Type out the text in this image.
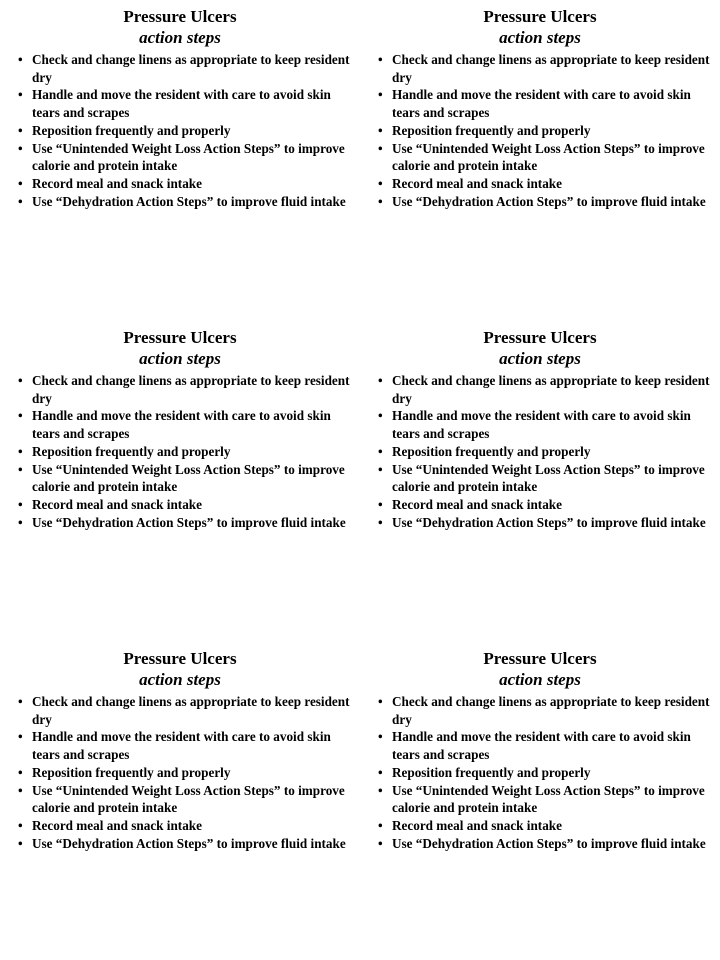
Pressure Ulcers
action steps
• Check and change linens as appropriate to keep resident dry
• Handle and move the resident with care to avoid skin tears and scrapes
• Reposition frequently and properly
• Use “Unintended Weight Loss Action Steps” to improve calorie and protein intake
• Record meal and snack intake
• Use “Dehydration Action Steps” to improve fluid intake
Pressure Ulcers
action steps
• Check and change linens as appropriate to keep resident dry
• Handle and move the resident with care to avoid skin tears and scrapes
• Reposition frequently and properly
• Use “Unintended Weight Loss Action Steps” to improve calorie and protein intake
• Record meal and snack intake
• Use “Dehydration Action Steps” to improve fluid intake
Pressure Ulcers
action steps
• Check and change linens as appropriate to keep resident dry
• Handle and move the resident with care to avoid skin tears and scrapes
• Reposition frequently and properly
• Use “Unintended Weight Loss Action Steps” to improve calorie and protein intake
• Record meal and snack intake
• Use “Dehydration Action Steps” to improve fluid intake
Pressure Ulcers
action steps
• Check and change linens as appropriate to keep resident dry
• Handle and move the resident with care to avoid skin tears and scrapes
• Reposition frequently and properly
• Use “Unintended Weight Loss Action Steps” to improve calorie and protein intake
• Record meal and snack intake
• Use “Dehydration Action Steps” to improve fluid intake
Pressure Ulcers
action steps
• Check and change linens as appropriate to keep resident dry
• Handle and move the resident with care to avoid skin tears and scrapes
• Reposition frequently and properly
• Use “Unintended Weight Loss Action Steps” to improve calorie and protein intake
• Record meal and snack intake
• Use “Dehydration Action Steps” to improve fluid intake
Pressure Ulcers
action steps
• Check and change linens as appropriate to keep resident dry
• Handle and move the resident with care to avoid skin tears and scrapes
• Reposition frequently and properly
• Use “Unintended Weight Loss Action Steps” to improve calorie and protein intake
• Record meal and snack intake
• Use “Dehydration Action Steps” to improve fluid intake
